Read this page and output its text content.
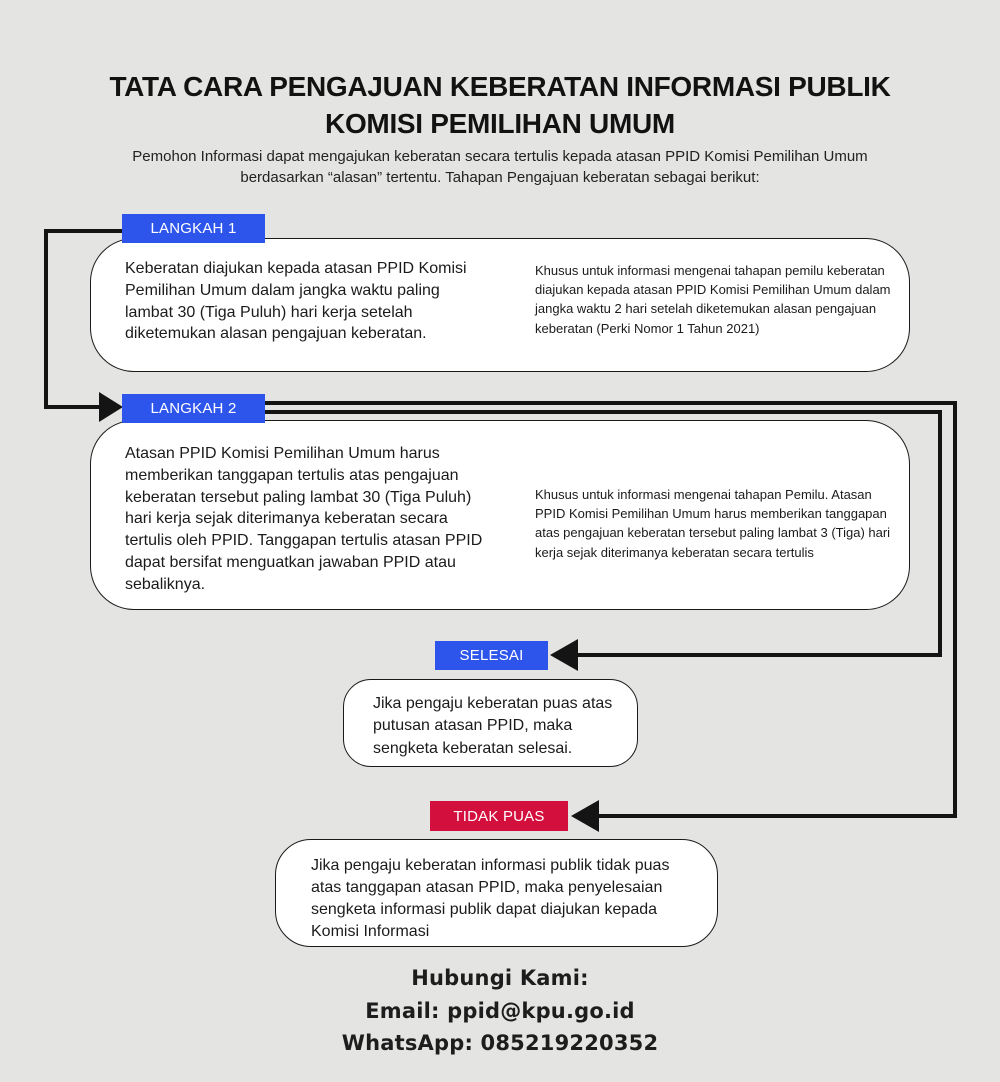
TATA CARA PENGAJUAN KEBERATAN INFORMASI PUBLIK
KOMISI PEMILIHAN UMUM
Pemohon Informasi dapat mengajukan keberatan secara tertulis kepada atasan PPID Komisi Pemilihan Umum berdasarkan “alasan” tertentu. Tahapan Pengajuan keberatan sebagai berikut:
LANGKAH 1
Keberatan diajukan kepada atasan PPID Komisi Pemilihan Umum dalam jangka waktu paling lambat 30 (Tiga Puluh) hari kerja setelah diketemukan alasan pengajuan keberatan.
Khusus untuk informasi mengenai tahapan pemilu keberatan diajukan kepada atasan PPID Komisi Pemilihan Umum dalam jangka waktu 2 hari setelah diketemukan alasan pengajuan keberatan (Perki Nomor 1 Tahun 2021)
LANGKAH 2
Atasan PPID Komisi Pemilihan Umum harus memberikan tanggapan tertulis atas pengajuan keberatan tersebut paling lambat 30 (Tiga Puluh) hari kerja sejak diterimanya keberatan secara tertulis oleh PPID. Tanggapan tertulis atasan PPID dapat bersifat menguatkan jawaban PPID atau sebaliknya.
Khusus untuk informasi mengenai tahapan Pemilu. Atasan PPID Komisi Pemilihan Umum harus memberikan tanggapan atas pengajuan keberatan tersebut paling lambat 3 (Tiga) hari kerja sejak diterimanya keberatan secara tertulis
SELESAI
Jika pengaju keberatan puas atas putusan atasan PPID, maka sengketa keberatan selesai.
TIDAK PUAS
Jika pengaju keberatan informasi publik tidak puas atas tanggapan atasan PPID, maka penyelesaian sengketa informasi publik dapat diajukan kepada Komisi Informasi
Hubungi Kami:
Email: ppid@kpu.go.id
WhatsApp: 085219220352
